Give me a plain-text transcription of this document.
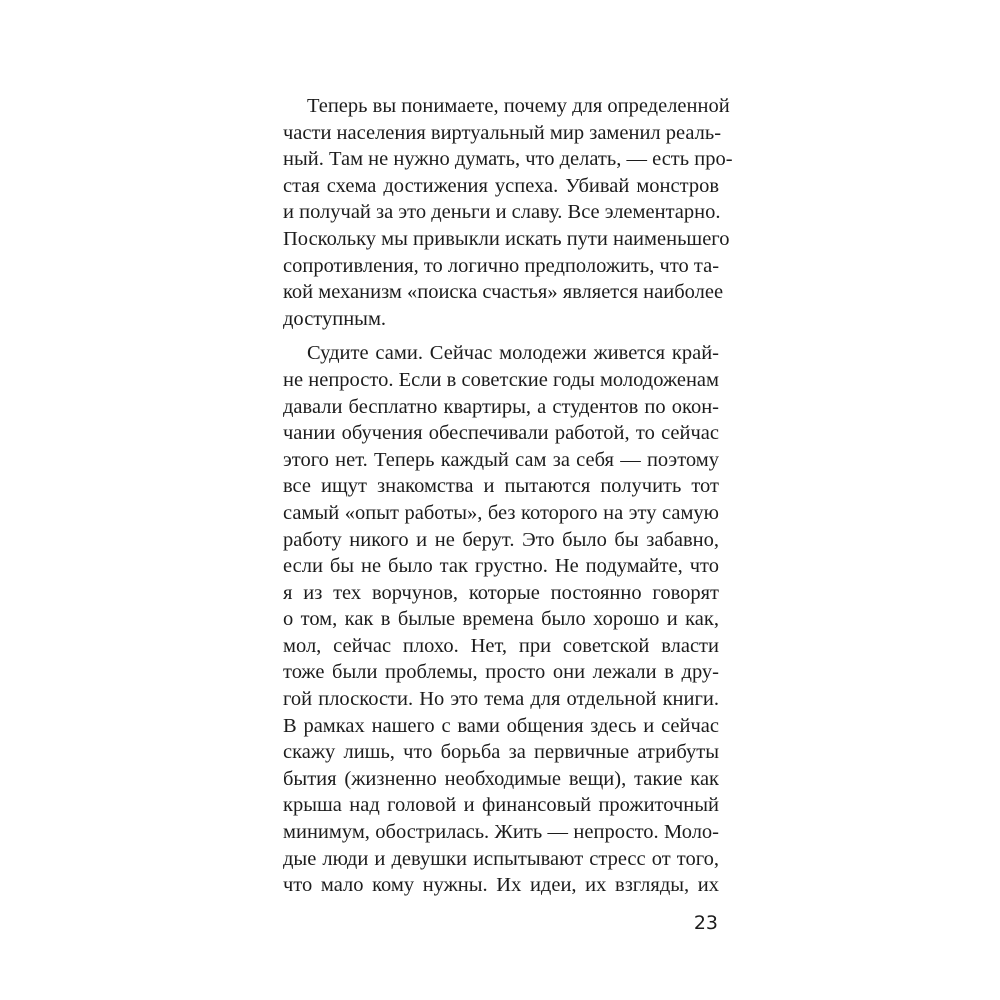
Теперь вы понимаете, почему для определенной
части населения виртуальный мир заменил реаль-
ный. Там не нужно думать, что делать, — есть про-
стая схема достижения успеха. Убивай монстров
и получай за это деньги и славу. Все элементарно.
Поскольку мы привыкли искать пути наименьшего
сопротивления, то логично предположить, что та-
кой механизм «поиска счастья» является наиболее
доступным.
Судите сами. Сейчас молодежи живется край-
не непросто. Если в советские годы молодоженам
давали бесплатно квартиры, а студентов по окон-
чании обучения обеспечивали работой, то сейчас
этого нет. Теперь каждый сам за себя — поэтому
все ищут знакомства и пытаются получить тот
самый «опыт работы», без которого на эту самую
работу никого и не берут. Это было бы забавно,
если бы не было так грустно. Не подумайте, что
я из тех ворчунов, которые постоянно говорят
о том, как в былые времена было хорошо и как,
мол, сейчас плохо. Нет, при советской власти
тоже были проблемы, просто они лежали в дру-
гой плоскости. Но это тема для отдельной книги.
В рамках нашего с вами общения здесь и сейчас
скажу лишь, что борьба за первичные атрибуты
бытия (жизненно необходимые вещи), такие как
крыша над головой и финансовый прожиточный
минимум, обострилась. Жить — непросто. Моло-
дые люди и девушки испытывают стресс от того,
что мало кому нужны. Их идеи, их взгляды, их
23
